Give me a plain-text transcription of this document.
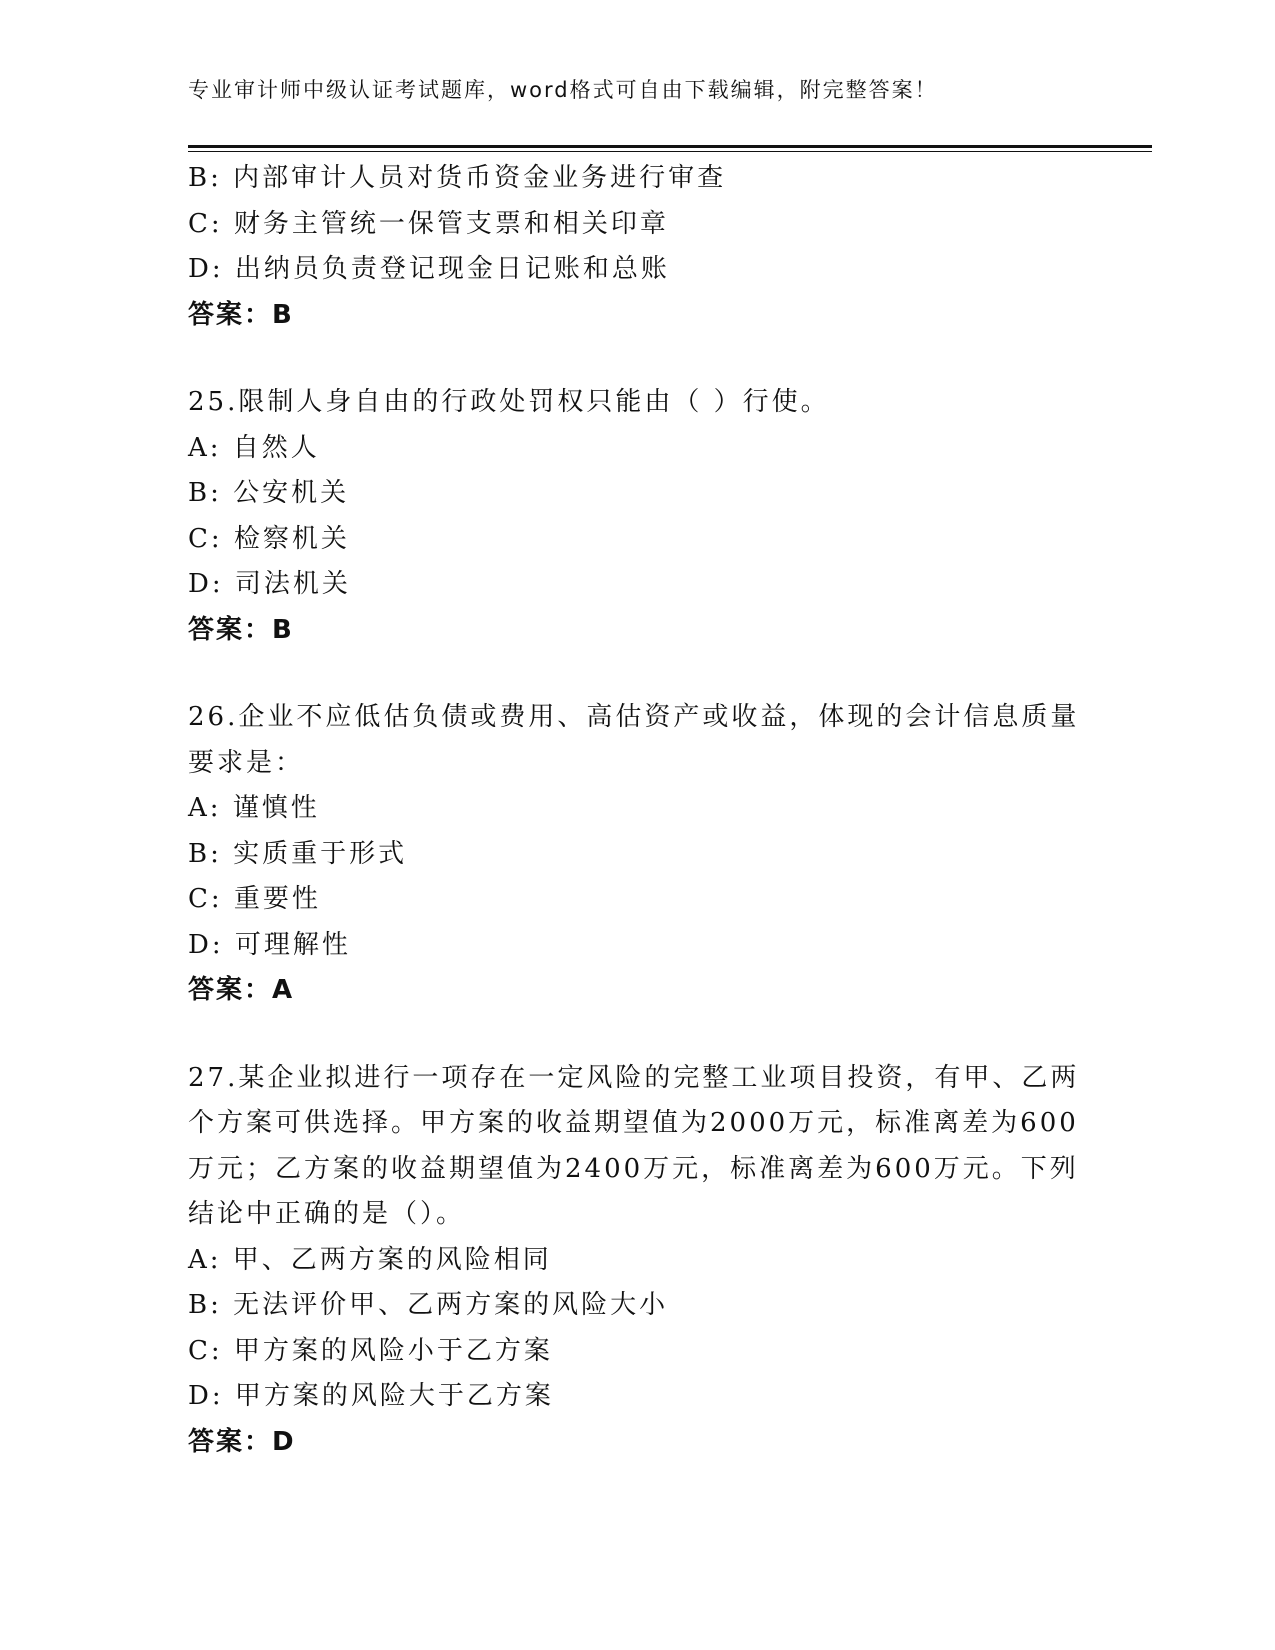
专业审计师中级认证考试题库，word格式可自由下载编辑，附完整答案！
B: 内部审计人员对货币资金业务进行审查
C: 财务主管统一保管支票和相关印章
D: 出纳员负责登记现金日记账和总账
答案：B
25.限制人身自由的行政处罚权只能由（ ）行使。
A: 自然人
B: 公安机关
C: 检察机关
D: 司法机关
答案：B
26.企业不应低估负债或费用、高估资产或收益，体现的会计信息质量要求是：
A: 谨慎性
B: 实质重于形式
C: 重要性
D: 可理解性
答案：A
27.某企业拟进行一项存在一定风险的完整工业项目投资，有甲、乙两个方案可供选择。甲方案的收益期望值为2000万元，标准离差为600万元；乙方案的收益期望值为2400万元，标准离差为600万元。下列结论中正确的是（）。
A: 甲、乙两方案的风险相同
B: 无法评价甲、乙两方案的风险大小
C: 甲方案的风险小于乙方案
D: 甲方案的风险大于乙方案
答案：D
